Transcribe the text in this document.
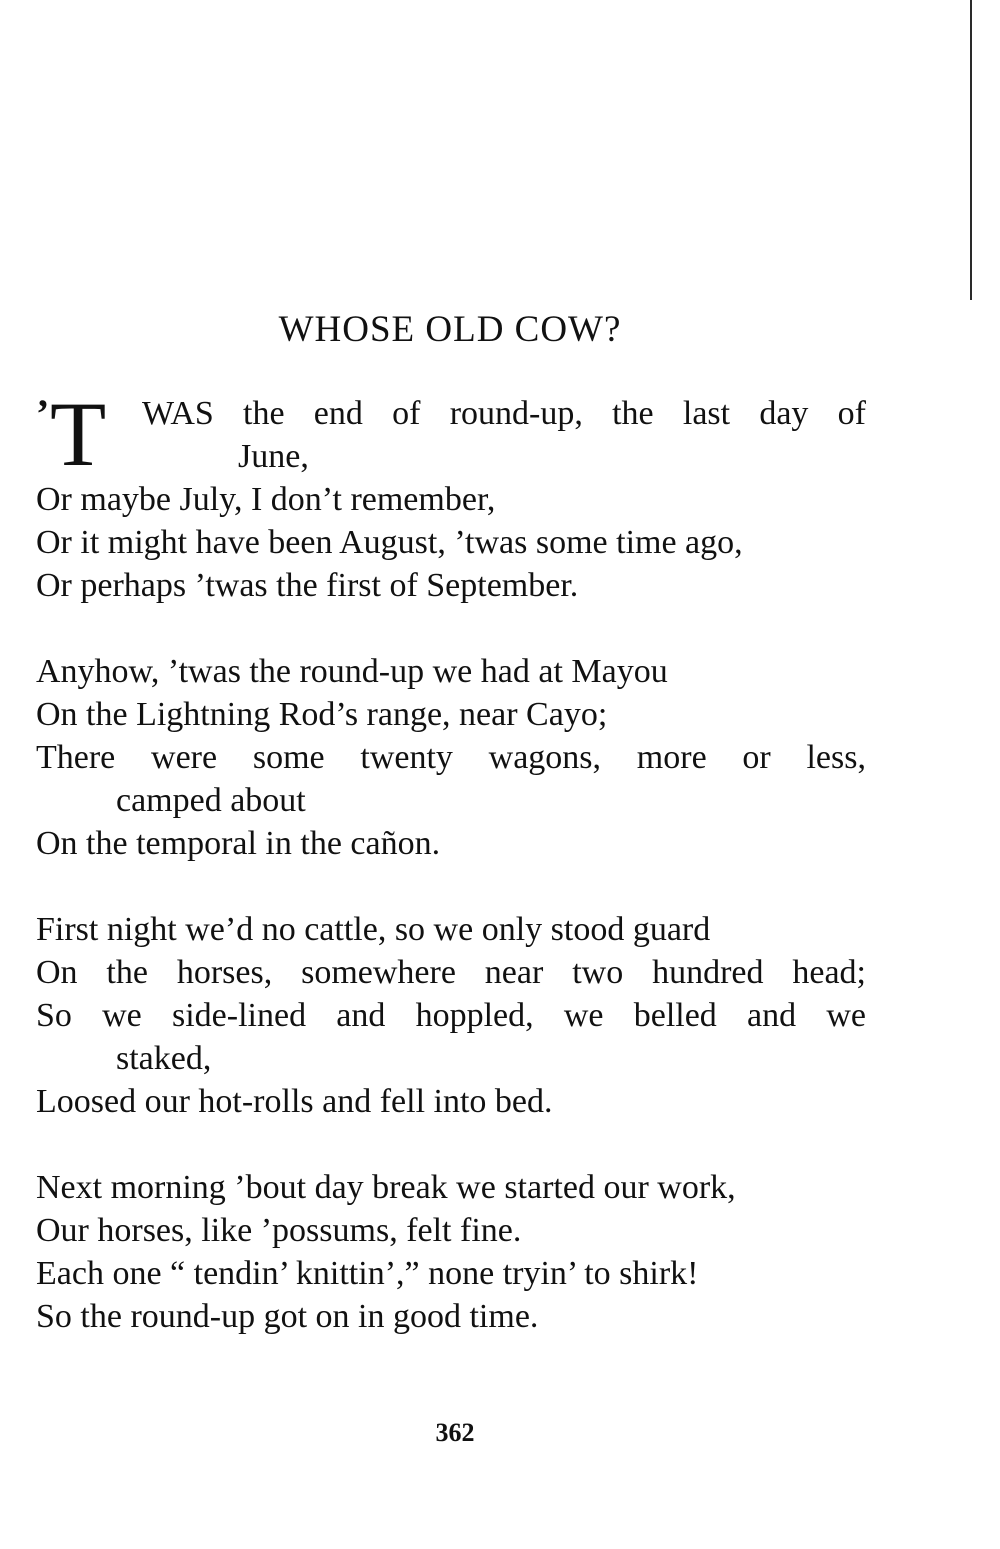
WHOSE OLD COW?
’ T WAS the end of round-up, the last day of
June,
Or maybe July, I don’t remember,
Or it might have been August, ’twas some time ago,
Or perhaps ’twas the first of September.
Anyhow, ’twas the round-up we had at Mayou
On the Lightning Rod’s range, near Cayo;
There were some twenty wagons, more or less,
camped about
On the temporal in the cañon.
First night we’d no cattle, so we only stood guard
On the horses, somewhere near two hundred head;
So we side-lined and hoppled, we belled and we
staked,
Loosed our hot-rolls and fell into bed.
Next morning ’bout day break we started our work,
Our horses, like ’possums, felt fine.
Each one “ tendin’ knittin’,” none tryin’ to shirk!
So the round-up got on in good time.
362
